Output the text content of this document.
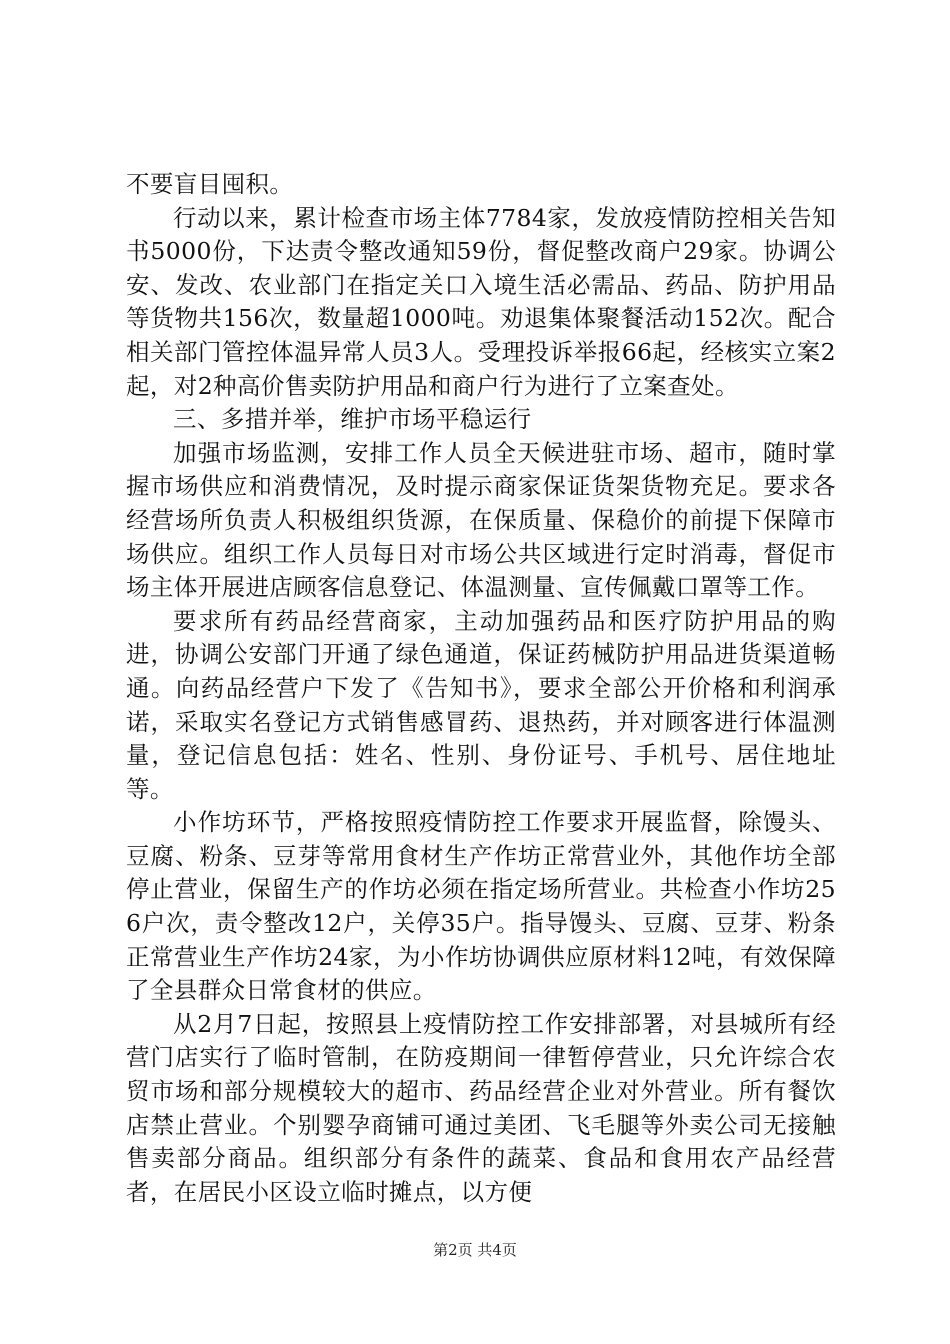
不要盲目囤积。

行动以来，累计检查市场主体7784家，发放疫情防控相关告知书5000份，下达责令整改通知59份，督促整改商户29家。协调公安、发改、农业部门在指定关口入境生活必需品、药品、防护用品等货物共156次，数量超1000吨。劝退集体聚餐活动152次。配合相关部门管控体温异常人员3人。受理投诉举报66起，经核实立案2起，对2种高价售卖防护用品和商户行为进行了立案查处。

三、多措并举，维护市场平稳运行

加强市场监测，安排工作人员全天候进驻市场、超市，随时掌握市场供应和消费情况，及时提示商家保证货架货物充足。要求各经营场所负责人积极组织货源，在保质量、保稳价的前提下保障市场供应。组织工作人员每日对市场公共区域进行定时消毒，督促市场主体开展进店顾客信息登记、体温测量、宣传佩戴口罩等工作。

要求所有药品经营商家，主动加强药品和医疗防护用品的购进，协调公安部门开通了绿色通道，保证药械防护用品进货渠道畅通。向药品经营户下发了《告知书》，要求全部公开价格和利润承诺，采取实名登记方式销售感冒药、退热药，并对顾客进行体温测量，登记信息包括：姓名、性别、身份证号、手机号、居住地址等。

小作坊环节，严格按照疫情防控工作要求开展监督，除馒头、豆腐、粉条、豆芽等常用食材生产作坊正常营业外，其他作坊全部停止营业，保留生产的作坊必须在指定场所营业。共检查小作坊256户次，责令整改12户，关停35户。指导馒头、豆腐、豆芽、粉条正常营业生产作坊24家，为小作坊协调供应原材料12吨，有效保障了全县群众日常食材的供应。

从2月7日起，按照县上疫情防控工作安排部署，对县城所有经营门店实行了临时管制，在防疫期间一律暂停营业，只允许综合农贸市场和部分规模较大的超市、药品经营企业对外营业。所有餐饮店禁止营业。个别婴孕商铺可通过美团、飞毛腿等外卖公司无接触售卖部分商品。组织部分有条件的蔬菜、食品和食用农产品经营者，在居民小区设立临时摊点，以方便

第2页 共4页
